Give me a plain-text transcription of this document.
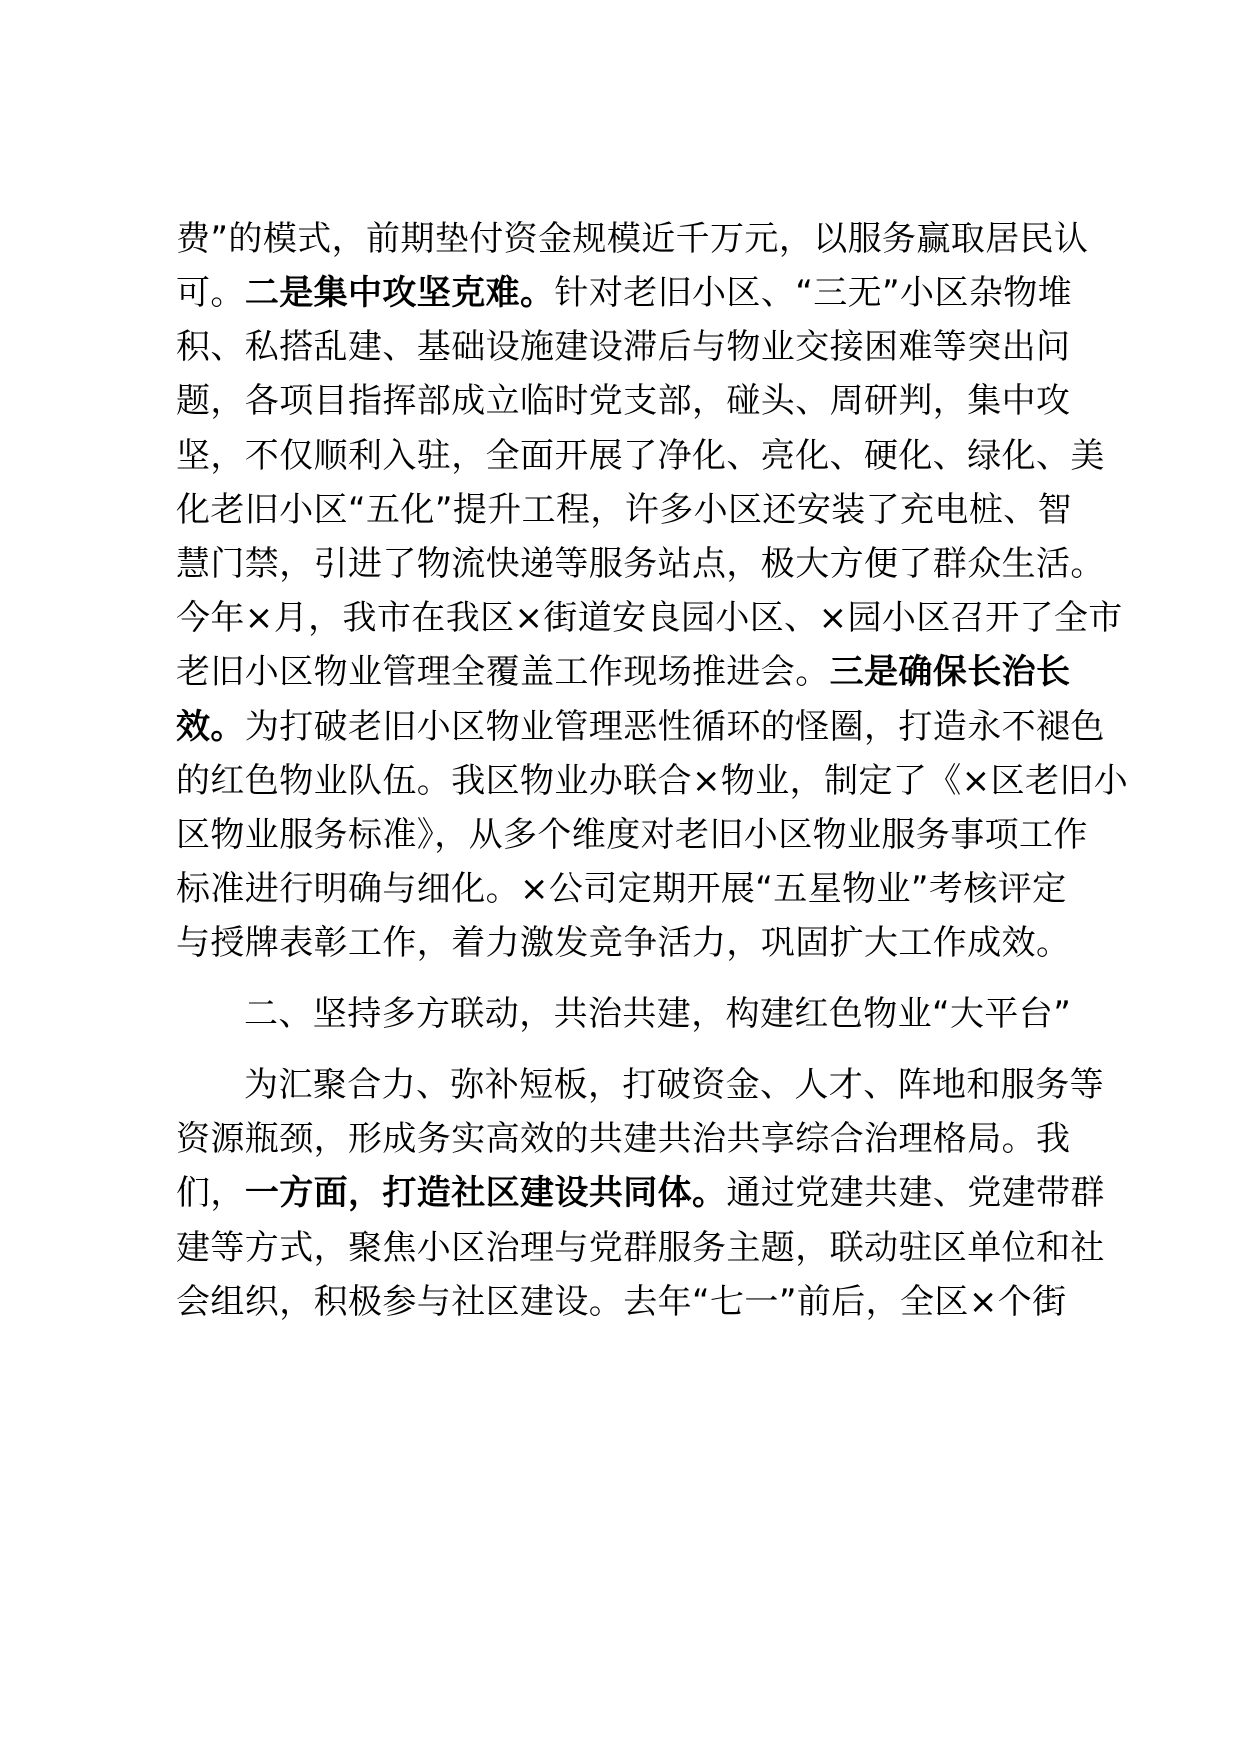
费”的模式，前期垫付资金规模近千万元，以服务赢取居民认
可。二是集中攻坚克难。针对老旧小区、“三无”小区杂物堆
积、私搭乱建、基础设施建设滞后与物业交接困难等突出问
题，各项目指挥部成立临时党支部，碰头、周研判，集中攻
坚，不仅顺利入驻，全面开展了净化、亮化、硬化、绿化、美
化老旧小区“五化”提升工程，许多小区还安装了充电桩、智
慧门禁，引进了物流快递等服务站点，极大方便了群众生活。
今年×月，我市在我区×街道安良园小区、×园小区召开了全市
老旧小区物业管理全覆盖工作现场推进会。三是确保长治长
效。为打破老旧小区物业管理恶性循环的怪圈，打造永不褪色
的红色物业队伍。我区物业办联合×物业，制定了《×区老旧小
区物业服务标准》，从多个维度对老旧小区物业服务事项工作
标准进行明确与细化。×公司定期开展“五星物业”考核评定
与授牌表彰工作，着力激发竞争活力，巩固扩大工作成效。
二、坚持多方联动，共治共建，构建红色物业“大平台”
为汇聚合力、弥补短板，打破资金、人才、阵地和服务等
资源瓶颈，形成务实高效的共建共治共享综合治理格局。我
们，一方面，打造社区建设共同体。通过党建共建、党建带群
建等方式，聚焦小区治理与党群服务主题，联动驻区单位和社
会组织，积极参与社区建设。去年“七一”前后，全区×个街
